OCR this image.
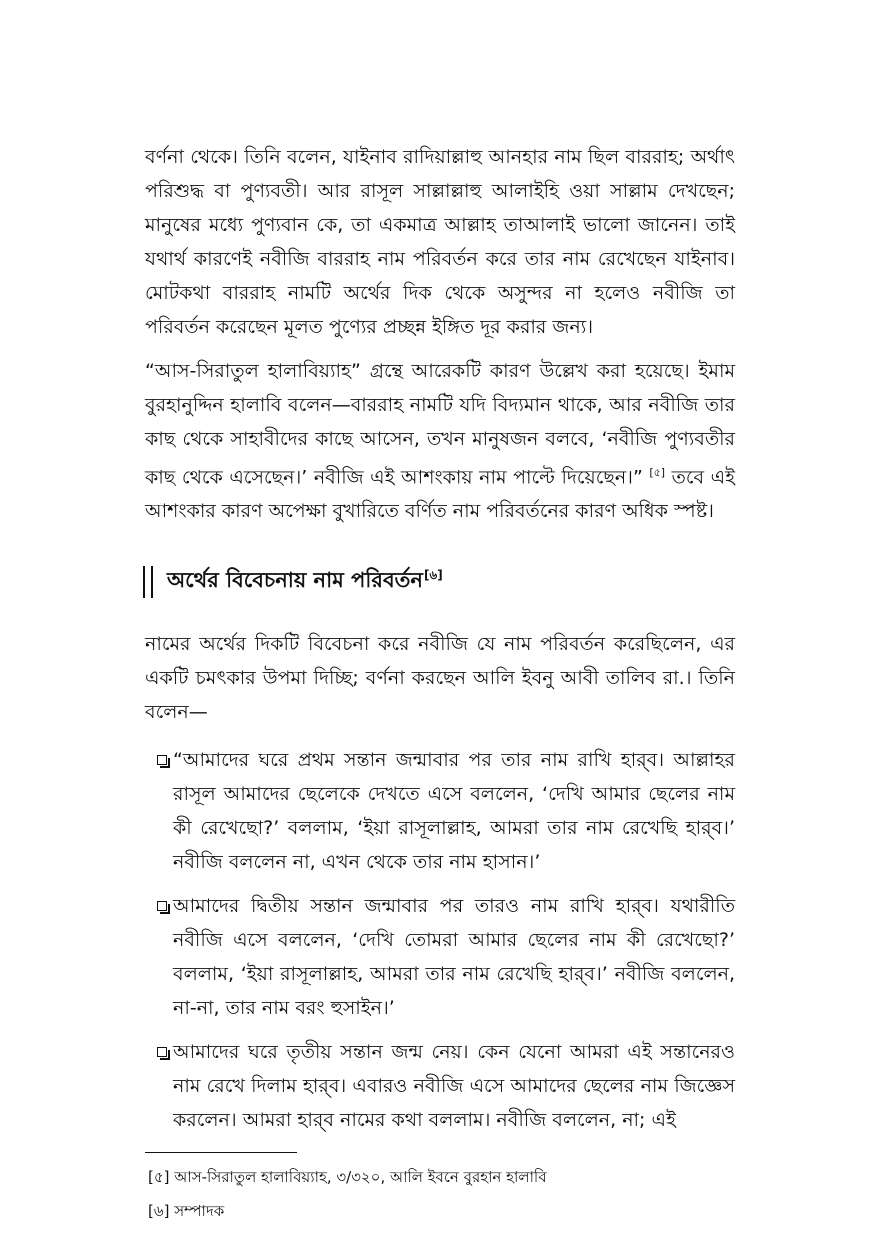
বর্ণনা থেকে। তিনি বলেন, যাইনাব রাদিয়াল্লাহু আনহার নাম ছিল বাররাহ; অর্থাৎ পরিশুদ্ধ বা পুণ্যবতী। আর রাসূল সাল্লাল্লাহু আলাইহি ওয়া সাল্লাম দেখছেন; মানুষের মধ্যে পুণ্যবান কে, তা একমাত্র আল্লাহ তাআলাই ভালো জানেন। তাই যথার্থ কারণেই নবীজি বাররাহ নাম পরিবর্তন করে তার নাম রেখেছেন যাইনাব। মোটকথা বাররাহ নামটি অর্থের দিক থেকে অসুন্দর না হলেও নবীজি তা পরিবর্তন করেছেন মূলত পুণ্যের প্রচ্ছন্ন ইঙ্গিত দূর করার জন্য।

“আস-সিরাতুল হালাবিয়্যাহ” গ্রন্থে আরেকটি কারণ উল্লেখ করা হয়েছে। ইমাম বুরহানুদ্দিন হালাবি বলেন—বাররাহ নামটি যদি বিদ্যমান থাকে, আর নবীজি তার কাছ থেকে সাহাবীদের কাছে আসেন, তখন মানুষজন বলবে, ‘নবীজি পুণ্যবতীর কাছ থেকে এসেছেন।’ নবীজি এই আশংকায় নাম পাল্টে দিয়েছেন।” [৫] তবে এই আশংকার কারণ অপেক্ষা বুখারিতে বর্ণিত নাম পরিবর্তনের কারণ অধিক স্পষ্ট।

অর্থের বিবেচনায় নাম পরিবর্তন[৬]

নামের অর্থের দিকটি বিবেচনা করে নবীজি যে নাম পরিবর্তন করেছিলেন, এর একটি চমৎকার উপমা দিচ্ছি; বর্ণনা করছেন আলি ইবনু আবী তালিব রা.। তিনি বলেন—

“আমাদের ঘরে প্রথম সন্তান জন্মাবার পর তার নাম রাখি হার্‌ব। আল্লাহর রাসূল আমাদের ছেলেকে দেখতে এসে বললেন, ‘দেখি আমার ছেলের নাম কী রেখেছো?’ বললাম, ‘ইয়া রাসূলাল্লাহ, আমরা তার নাম রেখেছি হার্‌ব।’ নবীজি বললেন না, এখন থেকে তার নাম হাসান।’
আমাদের দ্বিতীয় সন্তান জন্মাবার পর তারও নাম রাখি হার্‌ব। যথারীতি নবীজি এসে বললেন, ‘দেখি তোমরা আমার ছেলের নাম কী রেখেছো?’ বললাম, ‘ইয়া রাসূলাল্লাহ, আমরা তার নাম রেখেছি হার্‌ব।’ নবীজি বললেন, না-না, তার নাম বরং হুসাইন।’
আমাদের ঘরে তৃতীয় সন্তান জন্ম নেয়। কেন যেনো আমরা এই সন্তানেরও নাম রেখে দিলাম হার্‌ব। এবারও নবীজি এসে আমাদের ছেলের নাম জিজ্ঞেস করলেন। আমরা হার্‌ব নামের কথা বললাম। নবীজি বললেন, না; এই
[৫] আস-সিরাতুল হালাবিয়্যাহ, ৩/৩২০, আলি ইবনে বুরহান হালাবি
[৬] সম্পাদক
